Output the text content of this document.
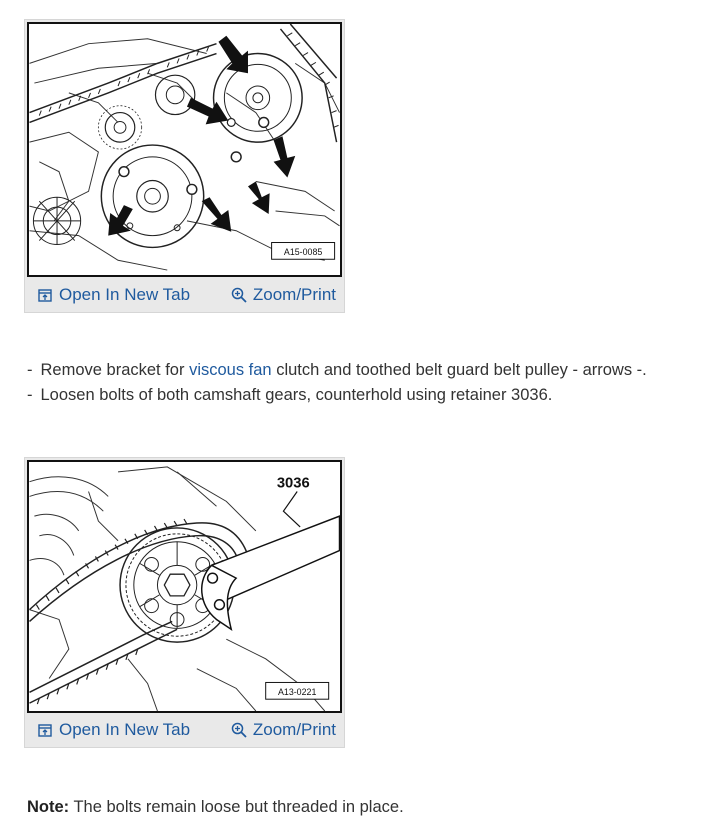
A15-0085
Open In New Tab	Zoom/Print
- Remove bracket for viscous fan clutch and toothed belt guard belt pulley - arrows -.
- Loosen bolts of both camshaft gears, counterhold using retainer 3036.
3036
A13-0221
Open In New Tab	Zoom/Print
Note: The bolts remain loose but threaded in place.
